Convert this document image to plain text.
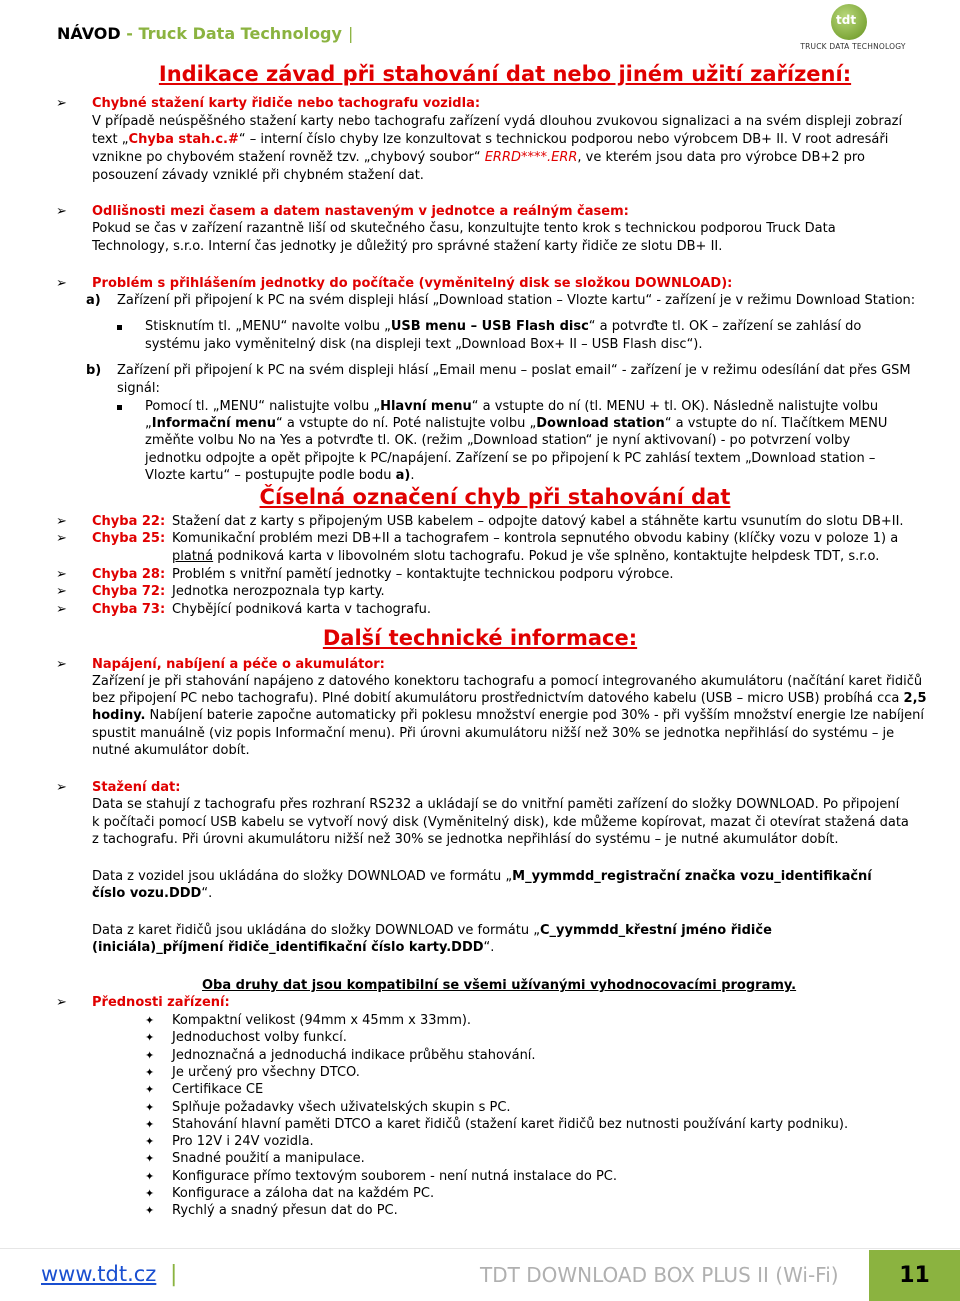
NÁVOD - Truck Data Technology |
tdt
TRUCK DATA TECHNOLOGY
Indikace závad při stahování dat nebo jiném užití zařízení:
➢ Chybné stažení karty řidiče nebo tachografu vozidla:
V případě neúspěšného stažení karty nebo tachografu zařízení vydá dlouhou zvukovou signalizaci a na svém displeji zobrazí
text „Chyba stah.c.#“ – interní číslo chyby lze konzultovat s technickou podporou nebo výrobcem DB+ II. V root adresáři
vznikne po chybovém stažení rovněž tzv. „chybový soubor“ ERRD****.ERR, ve kterém jsou data pro výrobce DB+2 pro
posouzení závady vzniklé při chybném stažení dat.
➢ Odlišnosti mezi časem a datem nastaveným v jednotce a reálným časem:
Pokud se čas v zařízení razantně liší od skutečného času, konzultujte tento krok s technickou podporou Truck Data
Technology, s.r.o. Interní čas jednotky je důležitý pro správné stažení karty řidiče ze slotu DB+ II.
➢ Problém s přihlášením jednotky do počítače (vyměnitelný disk se složkou DOWNLOAD):
a) Zařízení při připojení k PC na svém displeji hlásí „Download station – Vlozte kartu“ - zařízení je v režimu Download Station:
Stisknutím tl. „MENU“ navolte volbu „USB menu – USB Flash disc“ a potvrďte tl. OK – zařízení se zahlásí do
systému jako vyměnitelný disk (na displeji text „Download Box+ II – USB Flash disc“).
b) Zařízení při připojení k PC na svém displeji hlásí „Email menu – poslat email“ - zařízení je v režimu odesílání dat přes GSM
signál:
Pomocí tl. „MENU“ nalistujte volbu „Hlavní menu“ a vstupte do ní (tl. MENU + tl. OK). Následně nalistujte volbu
„Informační menu“ a vstupte do ní. Poté nalistujte volbu „Download station“ a vstupte do ní. Tlačítkem MENU
změňte volbu No na Yes a potvrďte tl. OK. (režim „Download station“ je nyní aktivovaní) - po potvrzení volby
jednotku odpojte a opět připojte k PC/napájení. Zařízení se po připojení k PC zahlásí textem „Download station –
Vlozte kartu“ – postupujte podle bodu a).
Číselná označení chyb při stahování dat
➢ Chyba 22: Stažení dat z karty s připojeným USB kabelem – odpojte datový kabel a stáhněte kartu vsunutím do slotu DB+II.
➢ Chyba 25: Komunikační problém mezi DB+II a tachografem – kontrola sepnutého obvodu kabiny (klíčky vozu v poloze 1) a
platná podniková karta v libovolném slotu tachografu. Pokud je vše splněno, kontaktujte helpdesk TDT, s.r.o.
➢ Chyba 28: Problém s vnitřní pamětí jednotky – kontaktujte technickou podporu výrobce.
➢ Chyba 72: Jednotka nerozpoznala typ karty.
➢ Chyba 73: Chybějící podniková karta v tachografu.
Další technické informace:
➢ Napájení, nabíjení a péče o akumulátor:
Zařízení je při stahování napájeno z datového konektoru tachografu a pomocí integrovaného akumulátoru (načítání karet řidičů
bez připojení PC nebo tachografu). Plné dobití akumulátoru prostřednictvím datového kabelu (USB – micro USB) probíhá cca 2,5
hodiny. Nabíjení baterie započne automaticky při poklesu množství energie pod 30% - při vyšším množství energie lze nabíjení
spustit manuálně (viz popis Informační menu). Při úrovni akumulátoru nižší než 30% se jednotka nepřihlásí do systému – je
nutné akumulátor dobít.
➢ Stažení dat:
Data se stahují z tachografu přes rozhraní RS232 a ukládají se do vnitřní paměti zařízení do složky DOWNLOAD. Po připojení
k počítači pomocí USB kabelu se vytvoří nový disk (Vyměnitelný disk), kde můžeme kopírovat, mazat či otevírat stažená data
z tachografu. Při úrovni akumulátoru nižší než 30% se jednotka nepřihlásí do systému – je nutné akumulátor dobít.
Data z vozidel jsou ukládána do složky DOWNLOAD ve formátu „M_yymmdd_registrační značka vozu_identifikační
číslo vozu.DDD“.
Data z karet řidičů jsou ukládána do složky DOWNLOAD ve formátu „C_yymmdd_křestní jméno řidiče
(iniciála)_příjmení řidiče_identifikační číslo karty.DDD“.
Oba druhy dat jsou kompatibilní se všemi užívanými vyhodnocovacími programy.
➢ Přednosti zařízení:
✦ Kompaktní velikost (94mm x 45mm x 33mm).
✦ Jednoduchost volby funkcí.
✦ Jednoznačná a jednoduchá indikace průběhu stahování.
✦ Je určený pro všechny DTCO.
✦ Certifikace CE
✦ Splňuje požadavky všech uživatelských skupin s PC.
✦ Stahování hlavní paměti DTCO a karet řidičů (stažení karet řidičů bez nutnosti používání karty podniku).
✦ Pro 12V i 24V vozidla.
✦ Snadné použití a manipulace.
✦ Konfigurace přímo textovým souborem - není nutná instalace do PC.
✦ Konfigurace a záloha dat na každém PC.
✦ Rychlý a snadný přesun dat do PC.
www.tdt.cz |	TDT DOWNLOAD BOX PLUS II (Wi-Fi)	11
